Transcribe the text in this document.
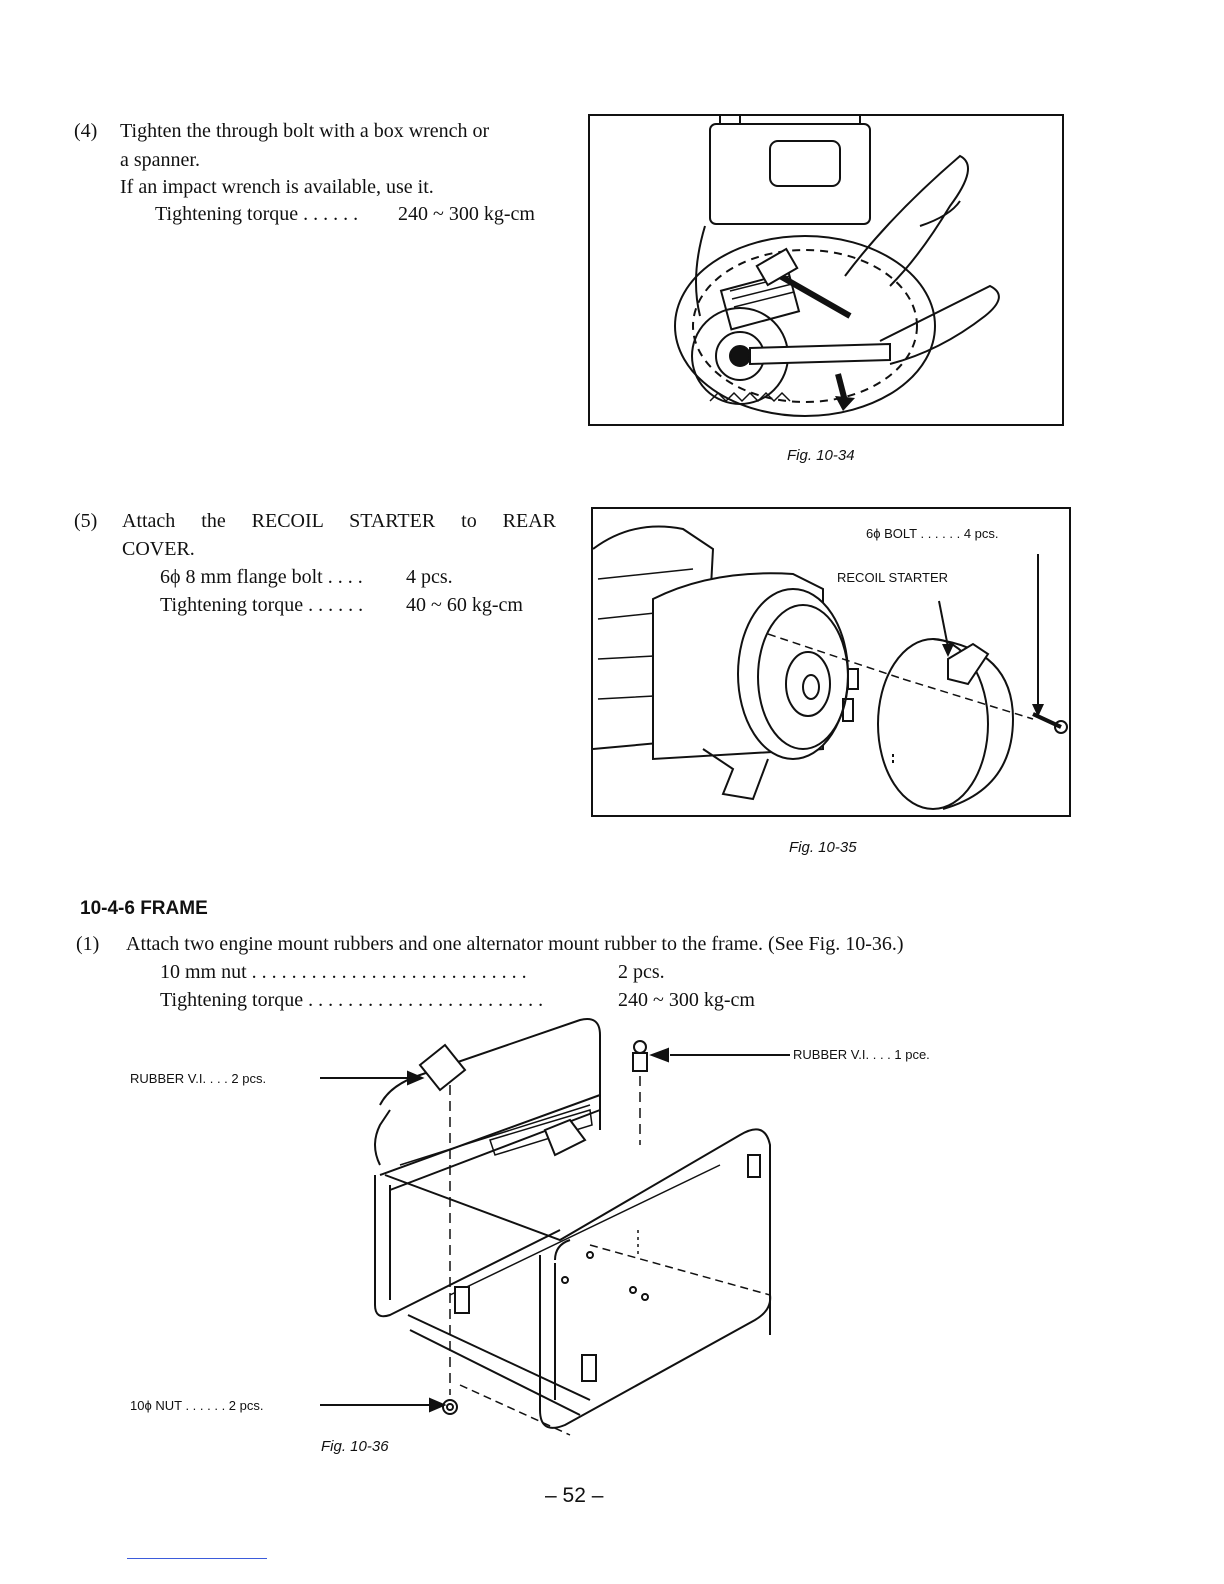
(4) Tighten the through bolt with a box wrench or
a spanner.
If an impact wrench is available, use it.
Tightening torque . . . . . . 240 ~ 300 kg-cm
Fig. 10-34
(5) Attach the RECOIL STARTER to REAR
COVER.
6ϕ 8 mm flange bolt . . . . 4 pcs.
Tightening torque . . . . . . 40 ~ 60 kg-cm
6ϕ BOLT . . . . . . 4 pcs.
RECOIL STARTER
Fig. 10-35
10-4-6 FRAME
(1) Attach two engine mount rubbers and one alternator mount rubber to the frame. (See Fig. 10-36.)
10 mm nut . . . . . . . . . . . . . . . . . . . . . . . . . . . .	2 pcs.
Tightening torque . . . . . . . . . . . . . . . . . . . . . . . .	240 ~ 300 kg-cm
RUBBER V.I. . . . 2 pcs.
RUBBER V.I. . . . 1 pce.
10ϕ NUT . . . . . . 2 pcs.
Fig. 10-36
– 52 –
